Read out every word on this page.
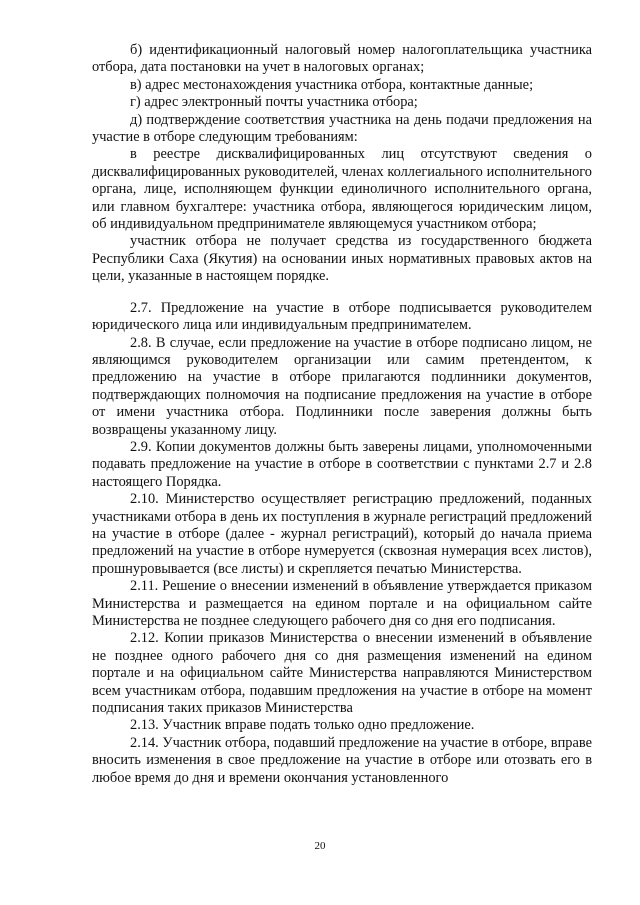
б) идентификационный налоговый номер налогоплательщика участника отбора, дата постановки на учет в налоговых органах;

в) адрес местонахождения участника отбора, контактные данные;

г) адрес электронный почты участника отбора;

д) подтверждение соответствия участника на день подачи предложения на участие в отборе следующим требованиям:

в реестре дисквалифицированных лиц отсутствуют сведения о дисквалифицированных руководителей, членах коллегиального исполнительного органа, лице, исполняющем функции единоличного исполнительного органа, или главном бухгалтере: участника отбора, являющегося юридическим лицом, об индивидуальном предпринимателе являющемуся участником отбора;

участник отбора не получает средства из государственного бюджета Республики Саха (Якутия) на основании иных нормативных правовых актов на цели, указанные в настоящем порядке.

2.7. Предложение на участие в отборе подписывается руководителем юридического лица или индивидуальным предпринимателем.

2.8. В случае, если предложение на участие в отборе подписано лицом, не являющимся руководителем организации или самим претендентом, к предложению на участие в отборе прилагаются подлинники документов, подтверждающих полномочия на подписание предложения на участие в отборе от имени участника отбора. Подлинники после заверения должны быть возвращены указанному лицу.

2.9. Копии документов должны быть заверены лицами, уполномоченными подавать предложение на участие в отборе в соответствии с пунктами 2.7 и 2.8 настоящего Порядка.

2.10. Министерство осуществляет регистрацию предложений, поданных участниками отбора в день их поступления в журнале регистраций предложений на участие в отборе (далее - журнал регистраций), который до начала приема предложений на участие в отборе нумеруется (сквозная нумерация всех листов), прошнуровывается (все листы) и скрепляется печатью Министерства.

2.11. Решение о внесении изменений в объявление утверждается приказом Министерства и размещается на едином портале и на официальном сайте Министерства не позднее следующего рабочего дня со дня его подписания.

2.12. Копии приказов Министерства о внесении изменений в объявление не позднее одного рабочего дня со дня размещения изменений на едином портале и на официальном сайте Министерства направляются Министерством всем участникам отбора, подавшим предложения на участие в отборе на момент подписания таких приказов Министерства

2.13. Участник вправе подать только одно предложение.

2.14. Участник отбора, подавший предложение на участие в отборе, вправе вносить изменения в свое предложение на участие в отборе или отозвать его в любое время до дня и времени окончания установленного

20
